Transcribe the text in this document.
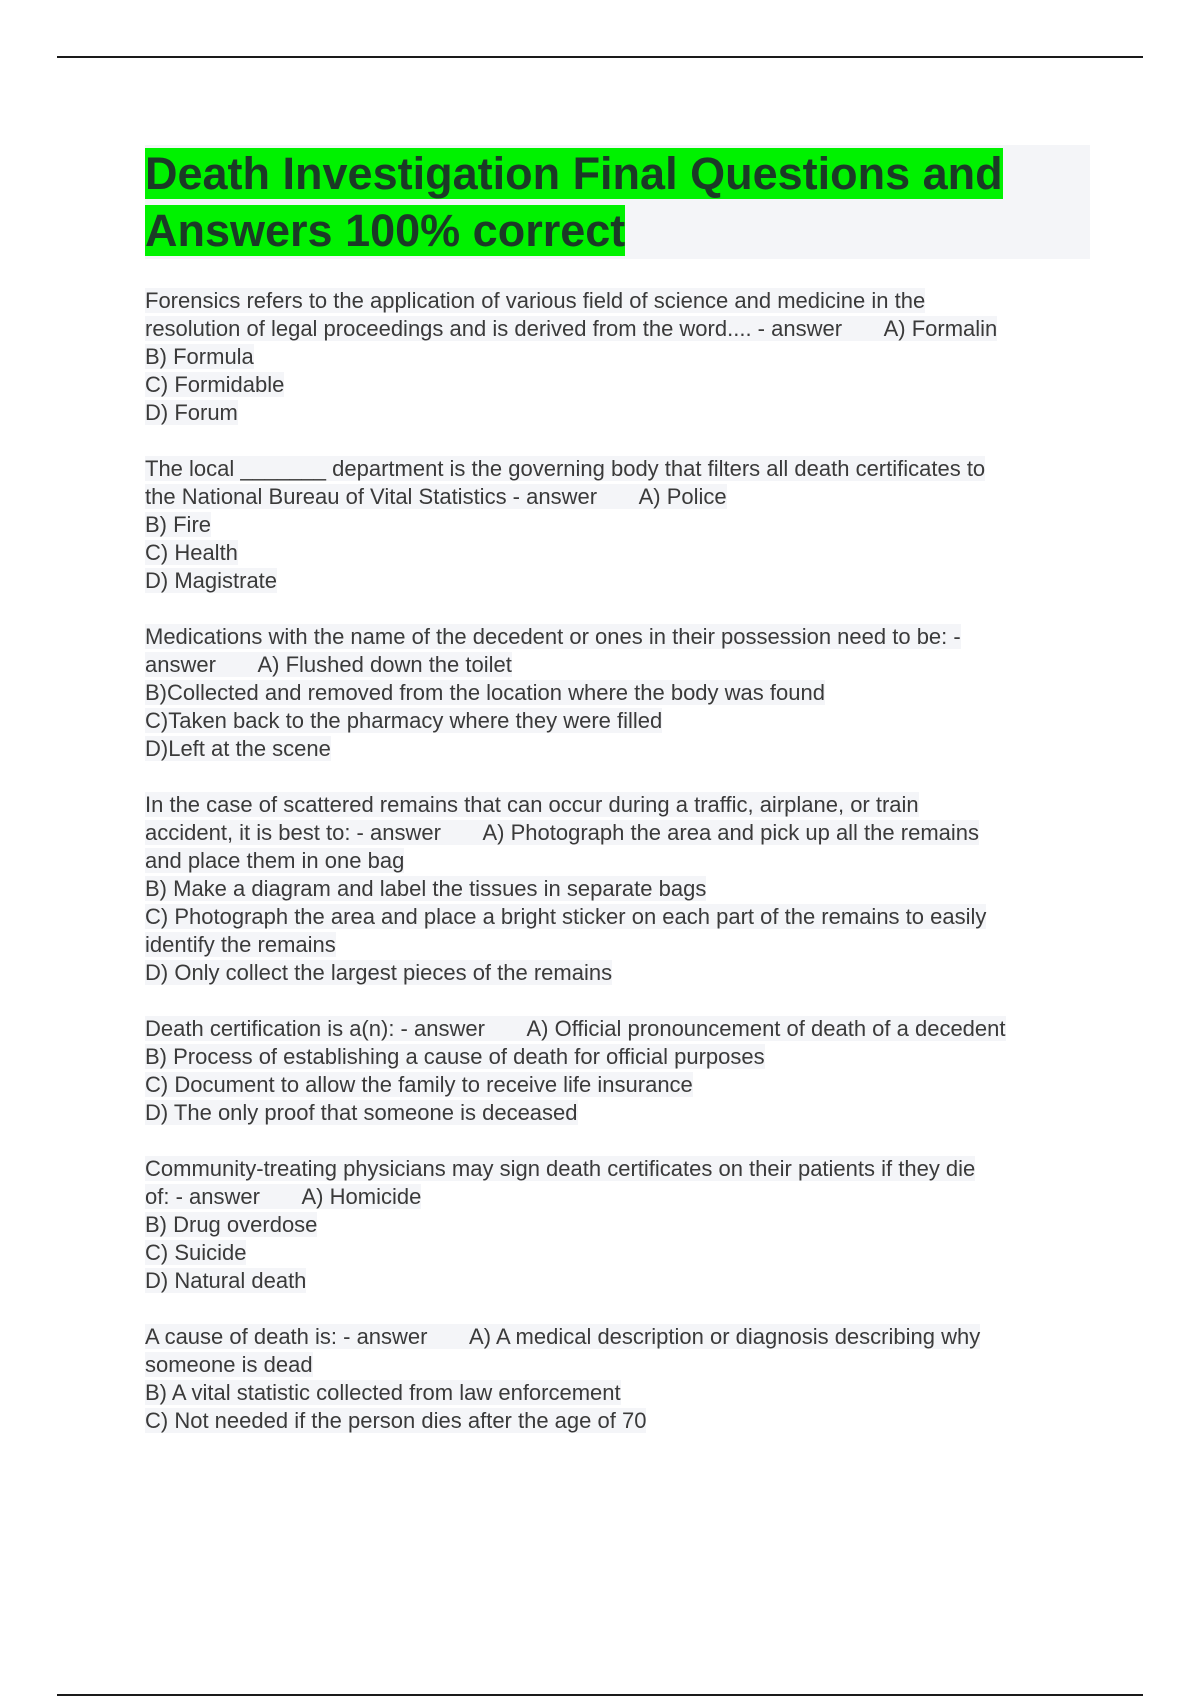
Death Investigation Final Questions and
Answers 100% correct
Forensics refers to the application of various field of science and medicine in the
resolution of legal proceedings and is derived from the word.... - answer       A) Formalin
B) Formula
C) Formidable
D) Forum
The local _______ department is the governing body that filters all death certificates to
the National Bureau of Vital Statistics - answer       A) Police
B) Fire
C) Health
D) Magistrate
Medications with the name of the decedent or ones in their possession need to be: -
answer       A) Flushed down the toilet
B)Collected and removed from the location where the body was found
C)Taken back to the pharmacy where they were filled
D)Left at the scene
In the case of scattered remains that can occur during a traffic, airplane, or train
accident, it is best to: - answer       A) Photograph the area and pick up all the remains
and place them in one bag
B) Make a diagram and label the tissues in separate bags
C) Photograph the area and place a bright sticker on each part of the remains to easily
identify the remains
D) Only collect the largest pieces of the remains
Death certification is a(n): - answer       A) Official pronouncement of death of a decedent
B) Process of establishing a cause of death for official purposes
C) Document to allow the family to receive life insurance
D) The only proof that someone is deceased
Community-treating physicians may sign death certificates on their patients if they die
of: - answer       A) Homicide
B) Drug overdose
C) Suicide
D) Natural death
A cause of death is: - answer       A) A medical description or diagnosis describing why
someone is dead
B) A vital statistic collected from law enforcement
C) Not needed if the person dies after the age of 70
